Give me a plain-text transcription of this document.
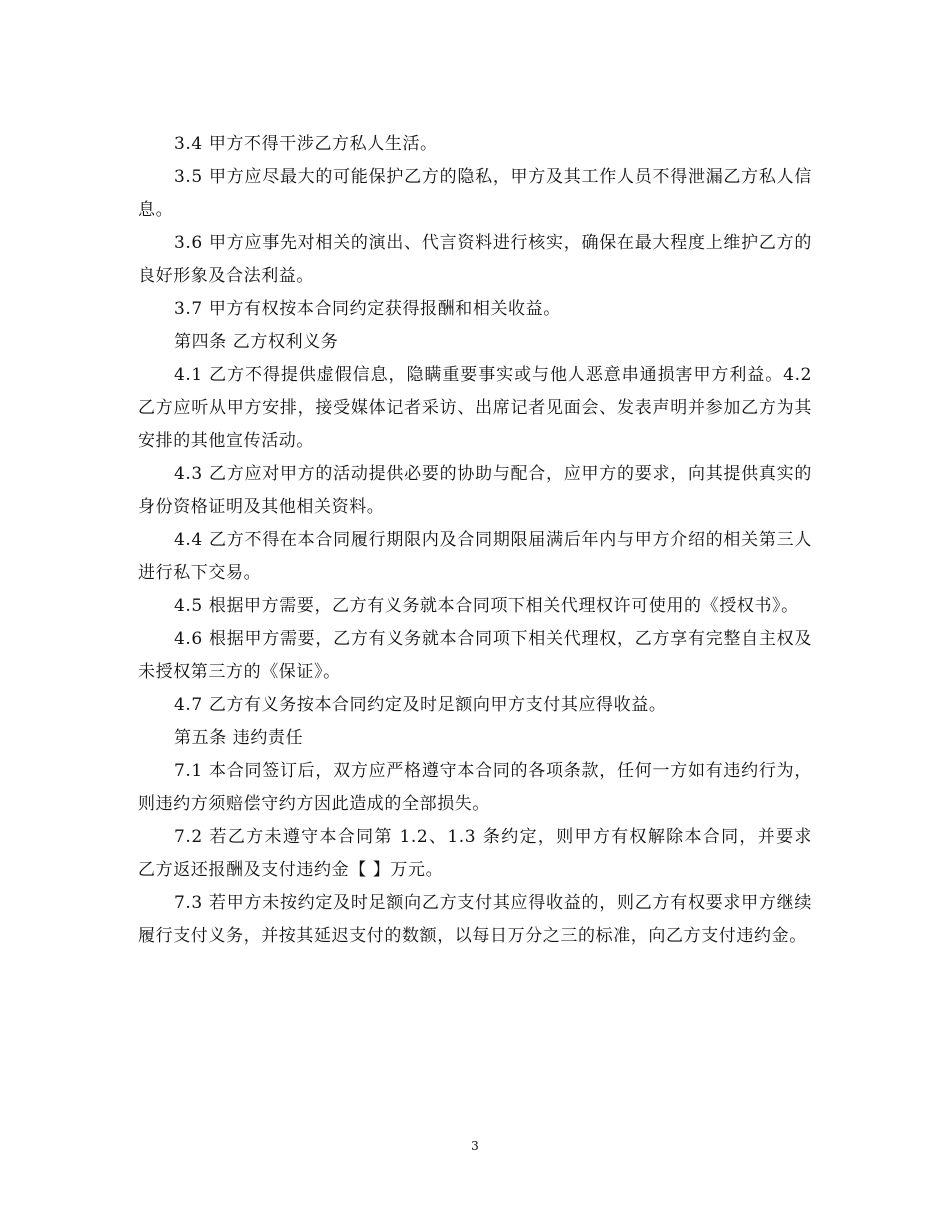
3.4 甲方不得干涉乙方私人生活。

3.5 甲方应尽最大的可能保护乙方的隐私，甲方及其工作人员不得泄漏乙方私人信息。

3.6 甲方应事先对相关的演出、代言资料进行核实，确保在最大程度上维护乙方的良好形象及合法利益。

3.7 甲方有权按本合同约定获得报酬和相关收益。

第四条 乙方权利义务

4.1 乙方不得提供虚假信息，隐瞒重要事实或与他人恶意串通损害甲方利益。4.2 乙方应听从甲方安排，接受媒体记者采访、出席记者见面会、发表声明并参加乙方为其安排的其他宣传活动。

4.3 乙方应对甲方的活动提供必要的协助与配合，应甲方的要求，向其提供真实的身份资格证明及其他相关资料。

4.4 乙方不得在本合同履行期限内及合同期限届满后年内与甲方介绍的相关第三人进行私下交易。

4.5 根据甲方需要，乙方有义务就本合同项下相关代理权许可使用的《授权书》。

4.6 根据甲方需要，乙方有义务就本合同项下相关代理权，乙方享有完整自主权及未授权第三方的《保证》。

4.7 乙方有义务按本合同约定及时足额向甲方支付其应得收益。

第五条 违约责任

7.1 本合同签订后，双方应严格遵守本合同的各项条款，任何一方如有违约行为，则违约方须赔偿守约方因此造成的全部损失。

7.2 若乙方未遵守本合同第 1.2、1.3 条约定，则甲方有权解除本合同，并要求 乙方返还报酬及支付违约金【 】万元。

7.3 若甲方未按约定及时足额向乙方支付其应得收益的，则乙方有权要求甲方继续履行支付义务，并按其延迟支付的数额，以每日万分之三的标准，向乙方支付违约金。

3
